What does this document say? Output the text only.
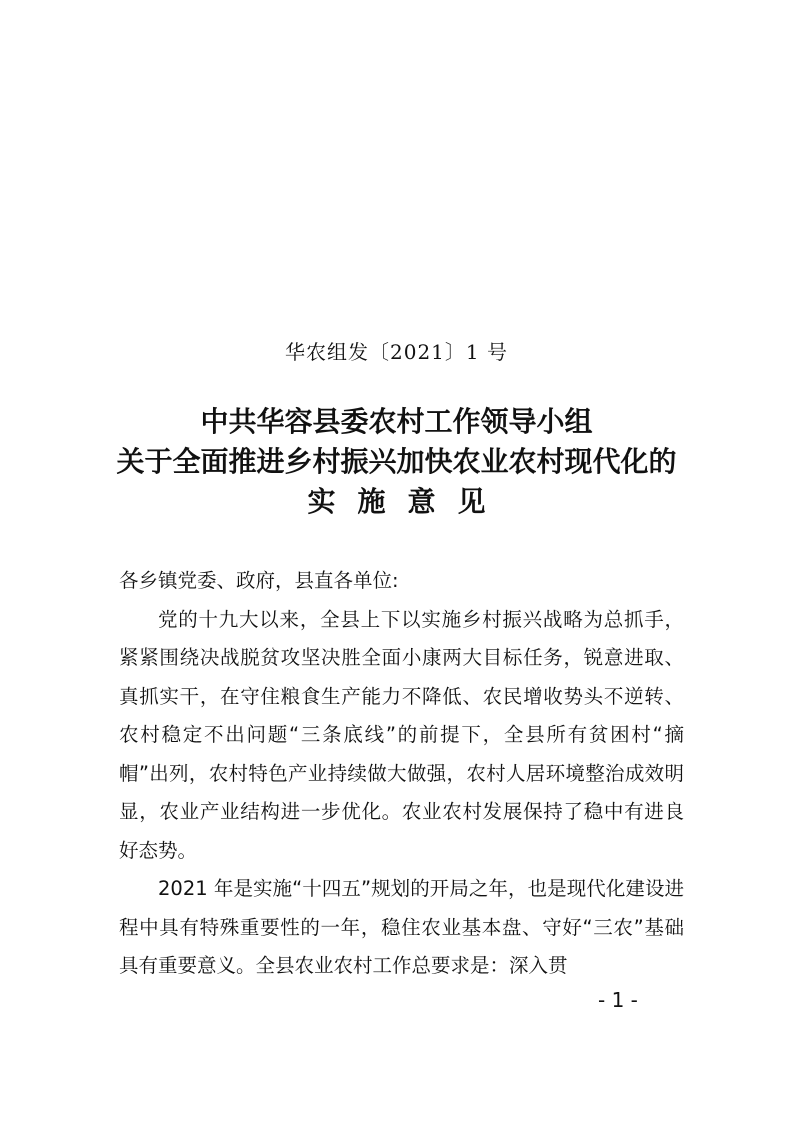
华农组发〔2021〕1 号

中共华容县委农村工作领导小组
关于全面推进乡村振兴加快农业农村现代化的
实施意见

各乡镇党委、政府，县直各单位:

党的十九大以来，全县上下以实施乡村振兴战略为总抓手，紧紧围绕决战脱贫攻坚决胜全面小康两大目标任务，锐意进取、真抓实干，在守住粮食生产能力不降低、农民增收势头不逆转、农村稳定不出问题“三条底线”的前提下，全县所有贫困村“摘帽”出列，农村特色产业持续做大做强，农村人居环境整治成效明显，农业产业结构进一步优化。农业农村发展保持了稳中有进良好态势。

2021 年是实施“十四五”规划的开局之年，也是现代化建设进程中具有特殊重要性的一年，稳住农业基本盘、守好“三农”基础具有重要意义。全县农业农村工作总要求是：深入贯

- 1 -
